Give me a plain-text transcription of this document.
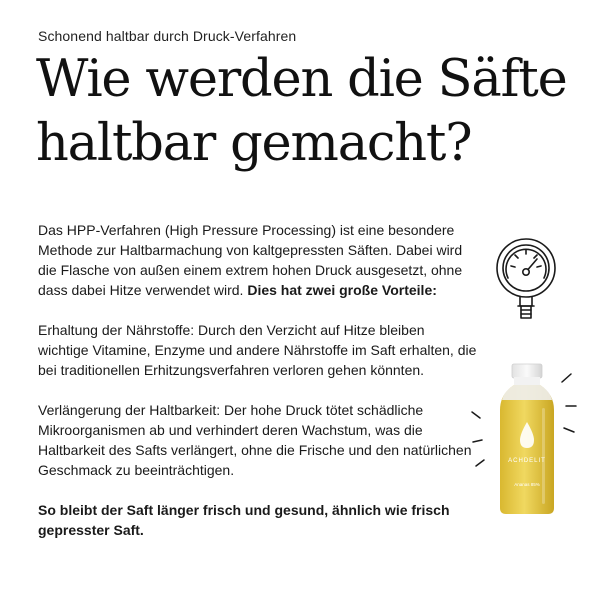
Schonend haltbar durch Druck-Verfahren
Wie werden die Säfte
haltbar gemacht?

Das HPP-Verfahren (High Pressure Processing) ist eine besondere Methode zur Haltbarmachung von kaltgepressten Säften. Dabei wird die Flasche von außen einem extrem hohen Druck ausgesetzt, ohne dass dabei Hitze verwendet wird. Dies hat zwei große Vorteile:

Erhaltung der Nährstoffe: Durch den Verzicht auf Hitze bleiben wichtige Vitamine, Enzyme und andere Nährstoffe im Saft erhalten, die bei traditionellen Erhitzungsverfahren verloren gehen könnten.

Verlängerung der Haltbarkeit: Der hohe Druck tötet schädliche Mikroorganismen ab und verhindert deren Wachstum, was die Haltbarkeit des Safts verlängert, ohne die Frische und den natürlichen Geschmack zu beeinträchtigen.

So bleibt der Saft länger frisch und gesund, ähnlich wie frisch gepresster Saft.

ACHDELIT
Ananas 85%
